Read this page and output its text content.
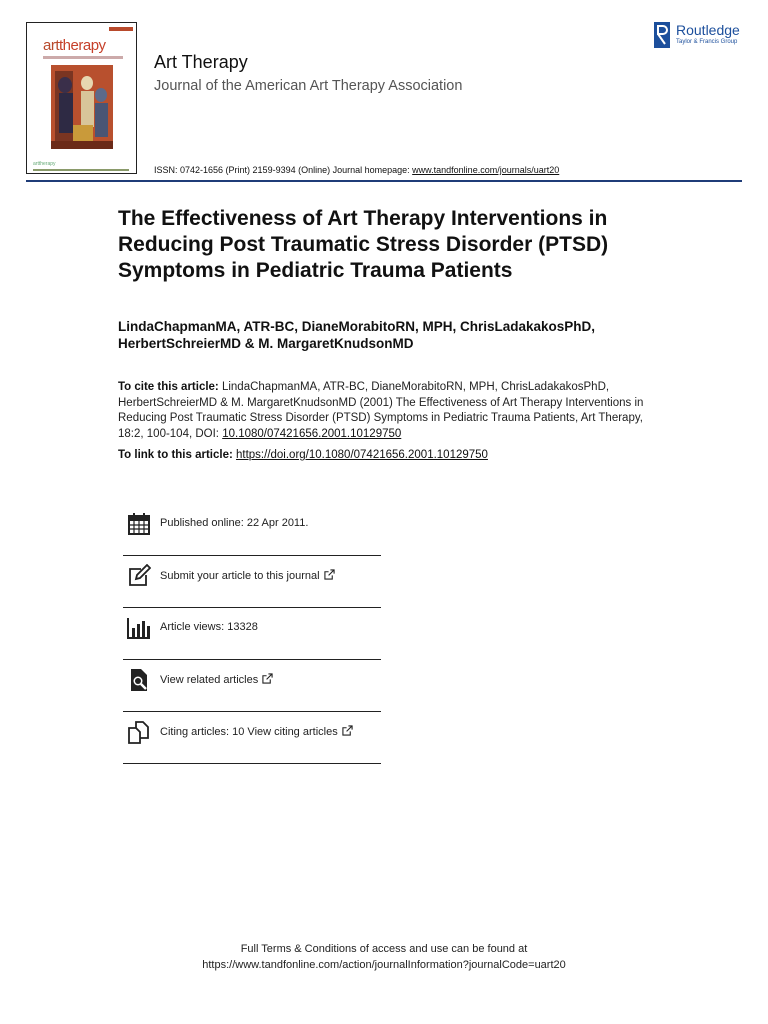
arttherapy
arttherapy
Art Therapy
Journal of the American Art Therapy Association
ISSN: 0742-1656 (Print) 2159-9394 (Online) Journal homepage: www.tandfonline.com/journals/uart20
Routledge
Taylor & Francis Group
The Effectiveness of Art Therapy Interventions in Reducing Post Traumatic Stress Disorder (PTSD) Symptoms in Pediatric Trauma Patients
LindaChapmanMA, ATR-BC, DianeMorabitoRN, MPH, ChrisLadakakosPhD, HerbertSchreierMD & M. MargaretKnudsonMD
To cite this article: LindaChapmanMA, ATR-BC, DianeMorabitoRN, MPH, ChrisLadakakosPhD, HerbertSchreierMD & M. MargaretKnudsonMD (2001) The Effectiveness of Art Therapy Interventions in Reducing Post Traumatic Stress Disorder (PTSD) Symptoms in Pediatric Trauma Patients, Art Therapy, 18:2, 100-104, DOI: 10.1080/07421656.2001.10129750
To link to this article: https://doi.org/10.1080/07421656.2001.10129750
Published online: 22 Apr 2011.
Submit your article to this journal
Article views: 13328
View related articles
Citing articles: 10 View citing articles
Full Terms & Conditions of access and use can be found at
https://www.tandfonline.com/action/journalInformation?journalCode=uart20
